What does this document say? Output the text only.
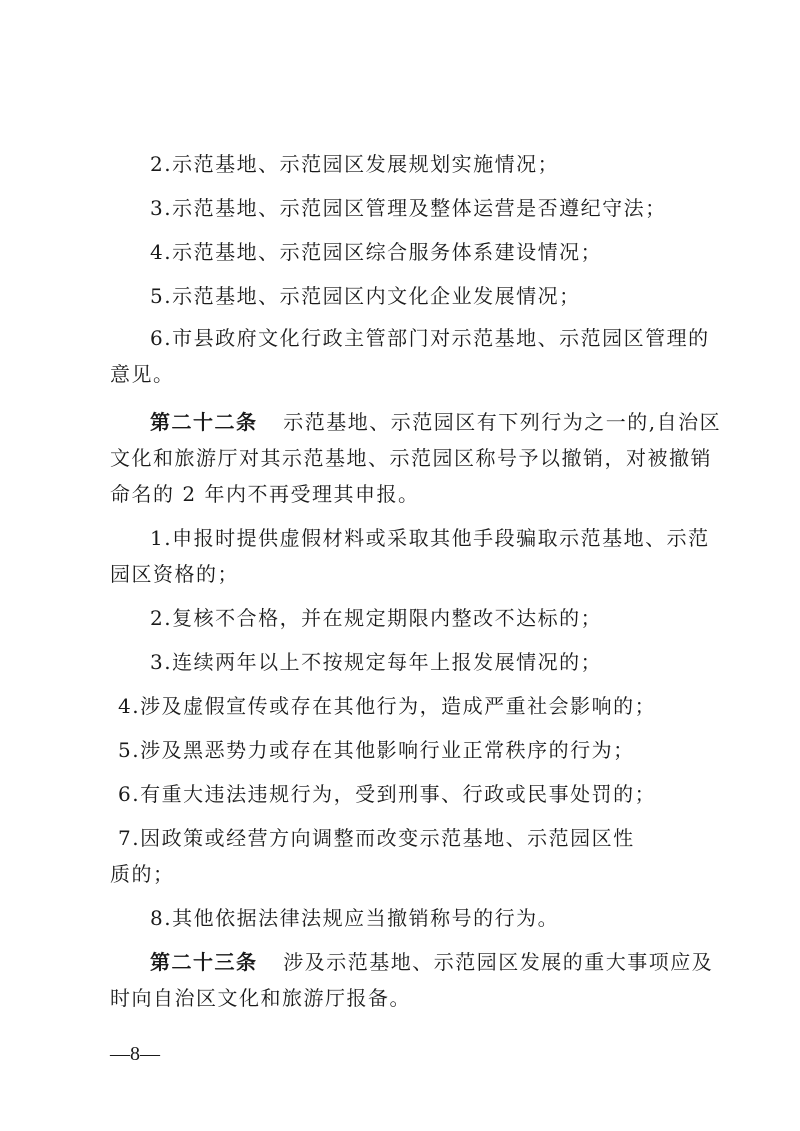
2.示范基地、示范园区发展规划实施情况；
3.示范基地、示范园区管理及整体运营是否遵纪守法；
4.示范基地、示范园区综合服务体系建设情况；
5.示范基地、示范园区内文化企业发展情况；
6.市县政府文化行政主管部门对示范基地、示范园区管理的
意见。
第二十二条 示范基地、示范园区有下列行为之一的,自治区
文化和旅游厅对其示范基地、示范园区称号予以撤销，对被撤销
命名的 2 年内不再受理其申报。
1.申报时提供虚假材料或采取其他手段骗取示范基地、示范
园区资格的；
2.复核不合格，并在规定期限内整改不达标的；
3.连续两年以上不按规定每年上报发展情况的；
4.涉及虚假宣传或存在其他行为，造成严重社会影响的；
5.涉及黑恶势力或存在其他影响行业正常秩序的行为；
6.有重大违法违规行为，受到刑事、行政或民事处罚的；
7.因政策或经营方向调整而改变示范基地、示范园区性
质的；
8.其他依据法律法规应当撤销称号的行为。
第二十三条 涉及示范基地、示范园区发展的重大事项应及
时向自治区文化和旅游厅报备。
—8—
